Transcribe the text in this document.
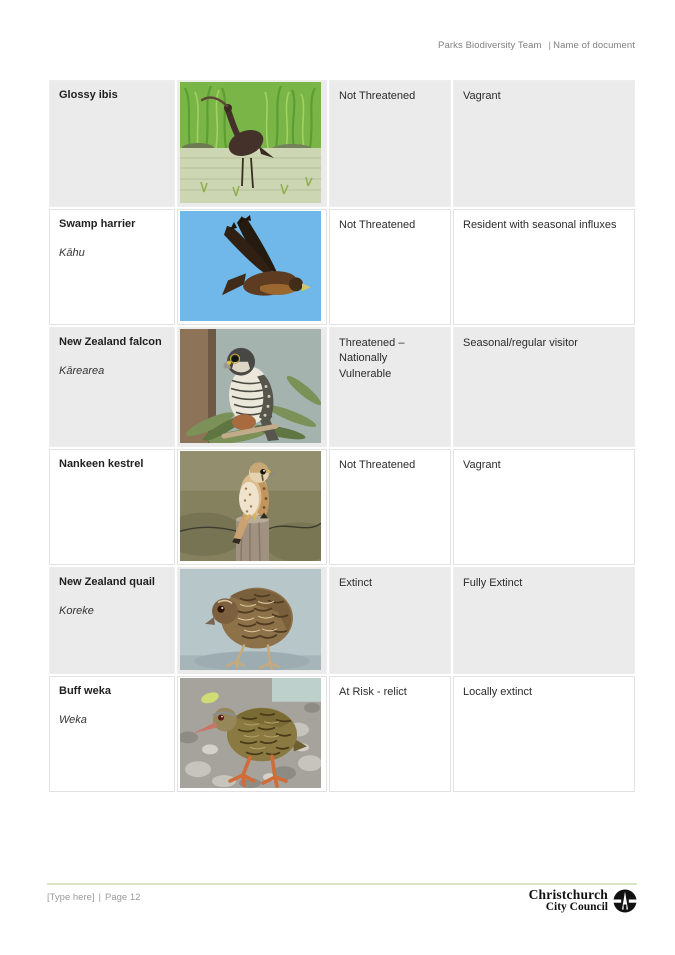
Parks Biodiversity Team | Name of document
Glossy ibis		Not Threatened	Vagrant

Swamp harrier
Kāhu		Not Threatened	Resident with seasonal influxes

New Zealand falcon
Kārearea		Threatened – Nationally Vulnerable	Seasonal/regular visitor

Nankeen kestrel		Not Threatened	Vagrant

New Zealand quail
Koreke		Extinct	Fully Extinct

Buff weka
Weka		At Risk - relict	Locally extinct
[Type here] | Page 12	Christchurch
City Council
